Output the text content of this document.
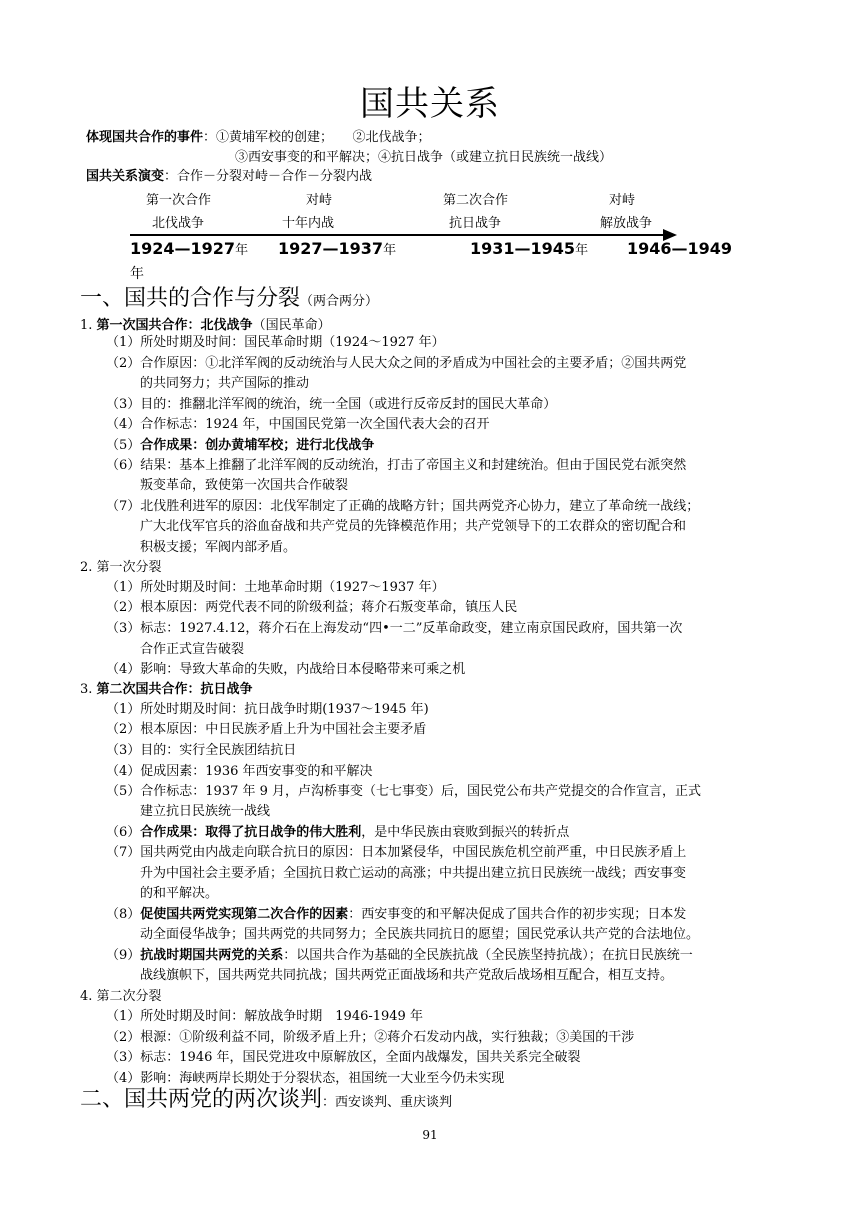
国共关系
体现国共合作的事件：①黄埔军校的创建；　　②北伐战争；
③西安事变的和平解决；④抗日战争（或建立抗日民族统一战线）
国共关系演变：合作－分裂对峙－合作－分裂内战
第一次合作	对峙	第二次合作	对峙
北伐战争	十年内战	抗日战争	解放战争
1924—1927年 1927—1937年	1931—1945年 1946—1949
年
一、国共的合作与分裂（两合两分）
1. 第一次国共合作：北伐战争（国民革命）
（1）所处时期及时间：国民革命时期（1924～1927 年）
（2）合作原因：①北洋军阀的反动统治与人民大众之间的矛盾成为中国社会的主要矛盾；②国共两党
的共同努力；共产国际的推动
（3）目的：推翻北洋军阀的统治，统一全国（或进行反帝反封的国民大革命）
（4）合作标志：1924 年，中国国民党第一次全国代表大会的召开
（5）合作成果：创办黄埔军校；进行北伐战争
（6）结果：基本上推翻了北洋军阀的反动统治，打击了帝国主义和封建统治。但由于国民党右派突然
叛变革命，致使第一次国共合作破裂
（7）北伐胜利进军的原因：北伐军制定了正确的战略方针；国共两党齐心协力，建立了革命统一战线；
广大北伐军官兵的浴血奋战和共产党员的先锋模范作用；共产党领导下的工农群众的密切配合和
积极支援；军阀内部矛盾。
2. 第一次分裂
（1）所处时期及时间：土地革命时期（1927～1937 年）
（2）根本原因：两党代表不同的阶级利益；蒋介石叛变革命，镇压人民
（3）标志：1927.4.12，蒋介石在上海发动“四•一二”反革命政变，建立南京国民政府，国共第一次
合作正式宣告破裂
（4）影响：导致大革命的失败，内战给日本侵略带来可乘之机
3. 第二次国共合作：抗日战争
（1）所处时期及时间：抗日战争时期(1937～1945 年)
（2）根本原因：中日民族矛盾上升为中国社会主要矛盾
（3）目的：实行全民族团结抗日
（4）促成因素：1936 年西安事变的和平解决
（5）合作标志：1937 年 9 月，卢沟桥事变（七七事变）后，国民党公布共产党提交的合作宣言，正式
建立抗日民族统一战线
（6）合作成果：取得了抗日战争的伟大胜利，是中华民族由衰败到振兴的转折点
（7）国共两党由内战走向联合抗日的原因：日本加紧侵华，中国民族危机空前严重，中日民族矛盾上
升为中国社会主要矛盾；全国抗日救亡运动的高涨；中共提出建立抗日民族统一战线；西安事变
的和平解决。
（8）促使国共两党实现第二次合作的因素：西安事变的和平解决促成了国共合作的初步实现；日本发
动全面侵华战争；国共两党的共同努力；全民族共同抗日的愿望；国民党承认共产党的合法地位。
（9）抗战时期国共两党的关系：以国共合作为基础的全民族抗战（全民族坚持抗战）；在抗日民族统一
战线旗帜下，国共两党共同抗战；国共两党正面战场和共产党敌后战场相互配合，相互支持。
4. 第二次分裂
（1）所处时期及时间：解放战争时期　1946-1949 年
（2）根源：①阶级利益不同，阶级矛盾上升；②蒋介石发动内战，实行独裁；③美国的干涉
（3）标志：1946 年，国民党进攻中原解放区，全面内战爆发，国共关系完全破裂
（4）影响：海峡两岸长期处于分裂状态，祖国统一大业至今仍未实现
二、国共两党的两次谈判：西安谈判、重庆谈判
91
